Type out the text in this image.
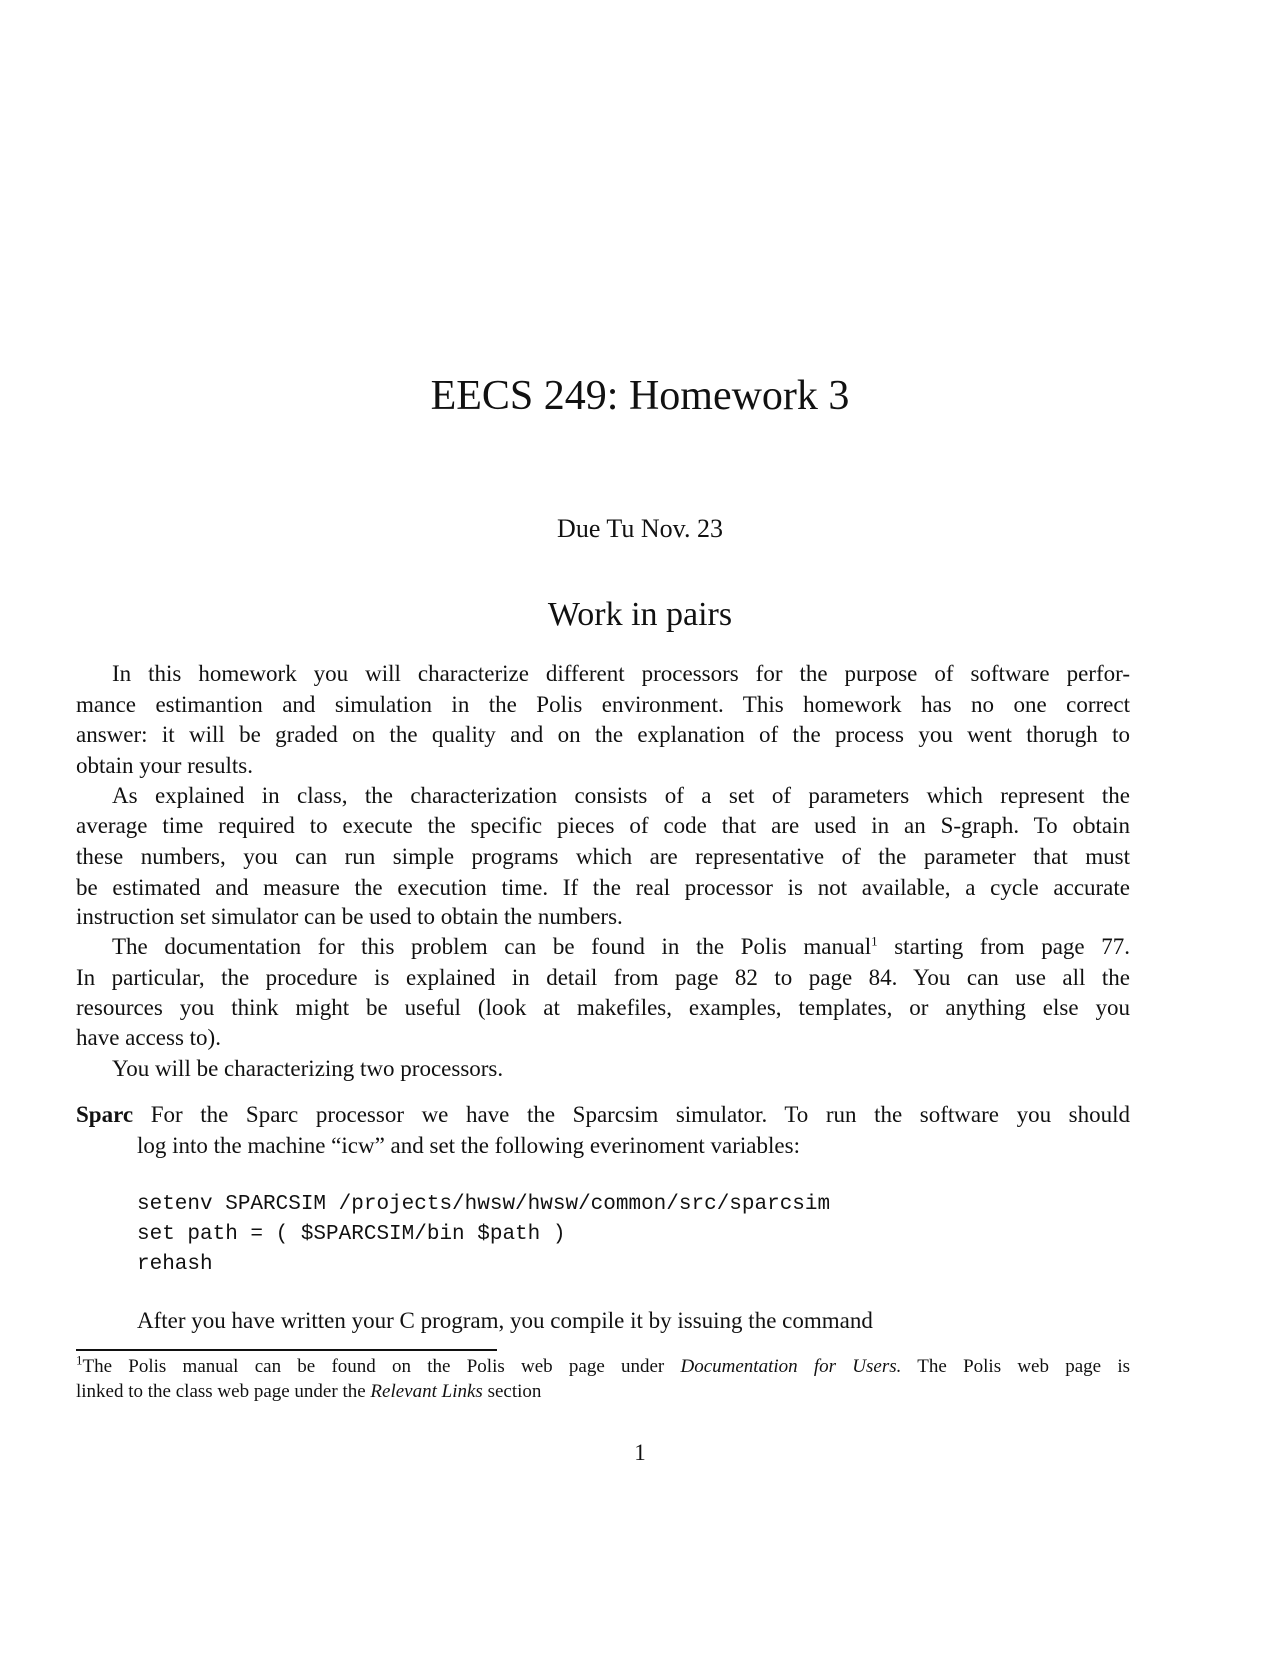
EECS 249: Homework 3
Due Tu Nov. 23
Work in pairs
In this homework you will characterize different processors for the purpose of software perfor-
mance estimantion and simulation in the Polis environment. This homework has no one correct
answer: it will be graded on the quality and on the explanation of the process you went thorugh to
obtain your results.
As explained in class, the characterization consists of a set of parameters which represent the
average time required to execute the specific pieces of code that are used in an S-graph. To obtain
these numbers, you can run simple programs which are representative of the parameter that must
be estimated and measure the execution time. If the real processor is not available, a cycle accurate
instruction set simulator can be used to obtain the numbers.
The documentation for this problem can be found in the Polis manual$^1$ starting from page 77.
In particular, the procedure is explained in detail from page 82 to page 84. You can use all the
resources you think might be useful (look at makefiles, examples, templates, or anything else you
have access to).
You will be characterizing two processors.
Sparc For the Sparc processor we have the Sparcsim simulator. To run the software you should
log into the machine “icw” and set the following everinoment variables:
setenv SPARCSIM /projects/hwsw/hwsw/common/src/sparcsim
set path = ( $SPARCSIM/bin $path )
rehash
After you have written your C program, you compile it by issuing the command
$^1$The Polis manual can be found on the Polis web page under Documentation for Users. The Polis web page is
linked to the class web page under the Relevant Links section
1
